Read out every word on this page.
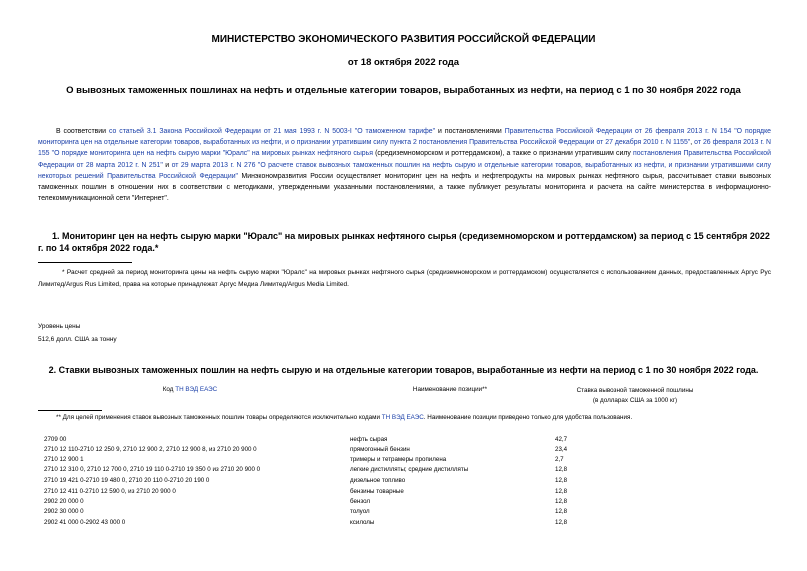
МИНИСТЕРСТВО ЭКОНОМИЧЕСКОГО РАЗВИТИЯ РОССИЙСКОЙ ФЕДЕРАЦИИ
от 18 октября 2022 года
О вывозных таможенных пошлинах на нефть и отдельные категории товаров, выработанных из нефти, на период с 1 по 30 ноября 2022 года
В соответствии со статьей 3.1 Закона Российской Федерации от 21 мая 1993 г. N 5003-I "О таможенном тарифе" и постановлениями Правительства Российской Федерации от 26 февраля 2013 г. N 154 "О порядке мониторинга цен на отдельные категории товаров, выработанных из нефти, и о признании утратившим силу пункта 2 постановления Правительства Российской Федерации от 27 декабря 2010 г. N 1155", от 26 февраля 2013 г. N 155 "О порядке мониторинга цен на нефть сырую марки "Юралс" на мировых рынках нефтяного сырья (средиземноморском и роттердамском), а также о признании утратившим силу постановления Правительства Российской Федерации от 28 марта 2012 г. N 251" и от 29 марта 2013 г. N 276 "О расчете ставок вывозных таможенных пошлин на нефть сырую и отдельные категории товаров, выработанных из нефти, и признании утратившими силу некоторых решений Правительства Российской Федерации" Минэкономразвития России осуществляет мониторинг цен на нефть и нефтепродукты на мировых рынках нефтяного сырья, рассчитывает ставки вывозных таможенных пошлин в отношении них в соответствии с методиками, утвержденными указанными постановлениями, а также публикует результаты мониторинга и расчета на сайте министерства в информационно-телекоммуникационной сети "Интернет".
1. Мониторинг цен на нефть сырую марки "Юралс" на мировых рынках нефтяного сырья (средиземноморском и роттердамском) за период с 15 сентября 2022 г. по 14 октября 2022 года.*
* Расчет средней за период мониторинга цены на нефть сырую марки "Юралс" на мировых рынках нефтяного сырья (средиземноморском и роттердамском) осуществляется с использованием данных, предоставленных Аргус Рус Лимитед/Argus Rus Limited, права на которые принадлежат Аргус Медиа Лимитед/Argus Media Limited.
Уровень цены
512,6 долл. США за тонну
2. Ставки вывозных таможенных пошлин на нефть сырую и на отдельные категории товаров, выработанные из нефти на период с 1 по 30 ноября 2022 года.
Код ТН ВЭД ЕАЭС	Наименование позиции**	Ставка вывозной таможенной пошлины
(в долларах США за 1000 кг)
** Для целей применения ставок вывозных таможенных пошлин товары определяются исключительно кодами ТН ВЭД ЕАЭС. Наименование позиции приведено только для удобства пользования.
2709 00	нефть сырая	42,7
2710 12 110-2710 12 250 9, 2710 12 900 2, 2710 12 900 8, из 2710 20 900 0	прямогонный бензин	23,4
2710 12 900 1	тримеры и тетрамеры пропилена	2,7
2710 12 310 0, 2710 12 700 0, 2710 19 110 0-2710 19 350 0 из 2710 20 900 0	легкие дистилляты; средние дистилляты	12,8
2710 19 421 0-2710 19 480 0, 2710 20 110 0-2710 20 190 0	дизельное топливо	12,8
2710 12 411 0-2710 12 590 0, из 2710 20 900 0	бензины товарные	12,8
2902 20 000 0	бензол	12,8
2902 30 000 0	толуол	12,8
2902 41 000 0-2902 43 000 0	ксилолы	12,8
